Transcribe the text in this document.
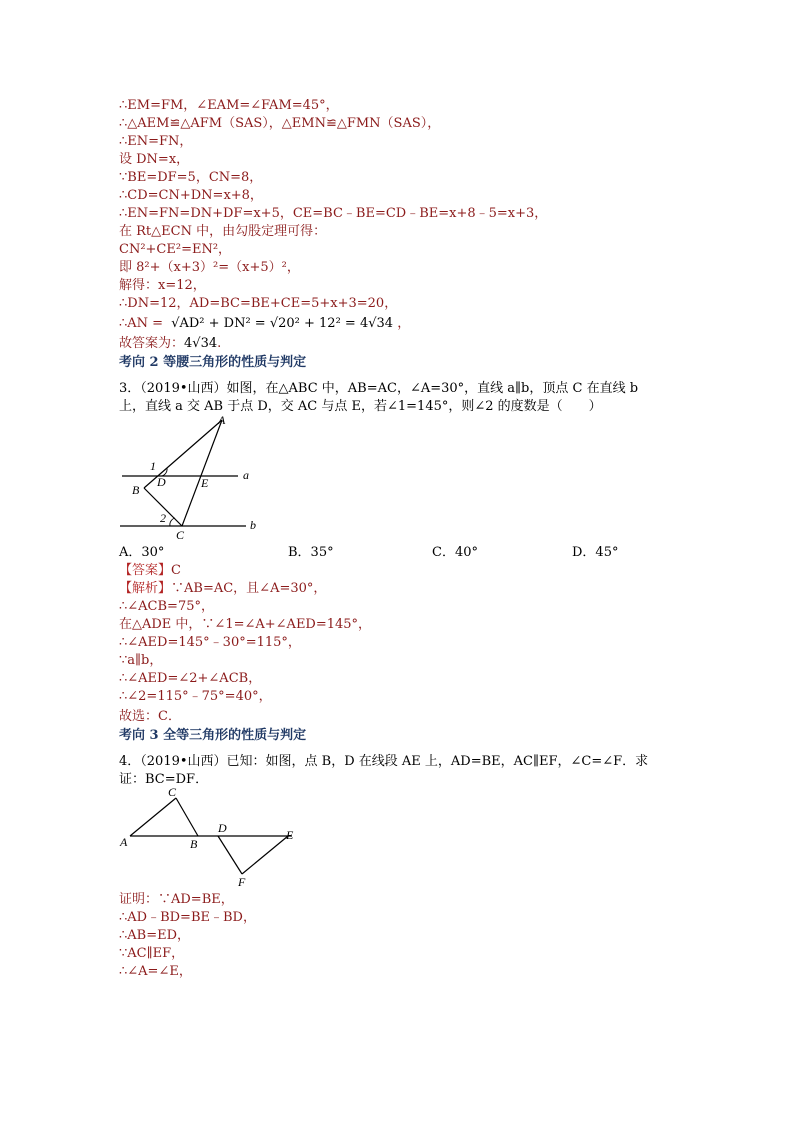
∴EM=FM，∠EAM=∠FAM=45°，
∴△AEM≌△AFM（SAS），△EMN≌△FMN（SAS），
∴EN=FN，
设 DN=x，
∵BE=DF=5，CN=8，
∴CD=CN+DN=x+8，
∴EN=FN=DN+DF=x+5，CE=BC﹣BE=CD﹣BE=x+8﹣5=x+3，
在 Rt△ECN 中，由勾股定理可得：
CN²+CE²=EN²，
即 8²+（x+3）²=（x+5）²，
解得：x=12，
∴DN=12，AD=BC=BE+CE=5+x+3=20，
∴AN = √AD² + DN² = √20² + 12² = 4√34 ，
故答案为：4√34.
考向 2 等腰三角形的性质与判定
3．（2019•山西）如图，在△ABC 中，AB=AC，∠A=30°，直线 a∥b，顶点 C 在直线 b
上，直线 a 交 AB 于点 D，交 AC 与点 E，若∠1=145°，则∠2 的度数是（　　）
A
B
C
D	E
a
b
1
2
A．30°	B．35°	C．40°	D．45°
【答案】C
【解析】∵AB=AC，且∠A=30°，
∴∠ACB=75°，
在△ADE 中，∵∠1=∠A+∠AED=145°，
∴∠AED=145°﹣30°=115°，
∵a∥b，
∴∠AED=∠2+∠ACB，
∴∠2=115°﹣75°=40°，
故选：C．
考向 3 全等三角形的性质与判定
4．（2019•山西）已知：如图，点 B，D 在线段 AE 上，AD=BE，AC∥EF，∠C=∠F．求
证：BC=DF．
A	B
C
D	E
F
证明：∵AD=BE，
∴AD﹣BD=BE﹣BD，
∴AB=ED，
∵AC∥EF，
∴∠A=∠E，
